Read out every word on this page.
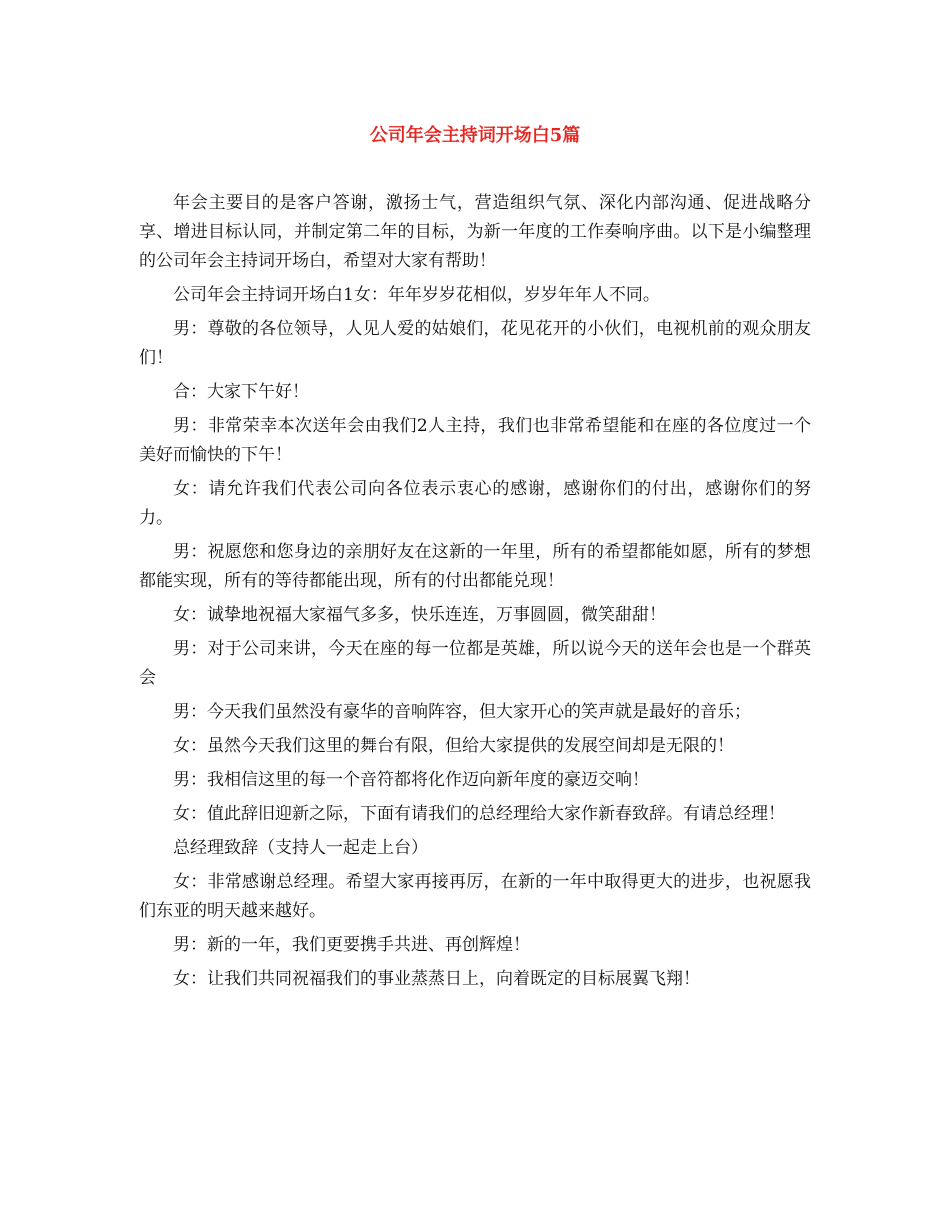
公司年会主持词开场白5篇

年会主要目的是客户答谢，激扬士气，营造组织气氛、深化内部沟通、促进战略分享、增进目标认同，并制定第二年的目标，为新一年度的工作奏响序曲。以下是小编整理的公司年会主持词开场白，希望对大家有帮助！

公司年会主持词开场白1女：年年岁岁花相似，岁岁年年人不同。

男：尊敬的各位领导，人见人爱的姑娘们，花见花开的小伙们，电视机前的观众朋友们！

合：大家下午好！

男：非常荣幸本次送年会由我们2人主持，我们也非常希望能和在座的各位度过一个美好而愉快的下午！

女：请允许我们代表公司向各位表示衷心的感谢，感谢你们的付出，感谢你们的努力。

男：祝愿您和您身边的亲朋好友在这新的一年里，所有的希望都能如愿，所有的梦想都能实现，所有的等待都能出现，所有的付出都能兑现！

女：诚挚地祝福大家福气多多，快乐连连，万事圆圆，微笑甜甜！

男：对于公司来讲，今天在座的每一位都是英雄，所以说今天的送年会也是一个群英会

男：今天我们虽然没有豪华的音响阵容，但大家开心的笑声就是最好的音乐；

女：虽然今天我们这里的舞台有限，但给大家提供的发展空间却是无限的！

男：我相信这里的每一个音符都将化作迈向新年度的豪迈交响！

女：值此辞旧迎新之际，下面有请我们的总经理给大家作新春致辞。有请总经理！

总经理致辞（支持人一起走上台）

女：非常感谢总经理。希望大家再接再厉，在新的一年中取得更大的进步，也祝愿我们东亚的明天越来越好。

男：新的一年，我们更要携手共进、再创辉煌！

女：让我们共同祝福我们的事业蒸蒸日上，向着既定的目标展翼飞翔！
